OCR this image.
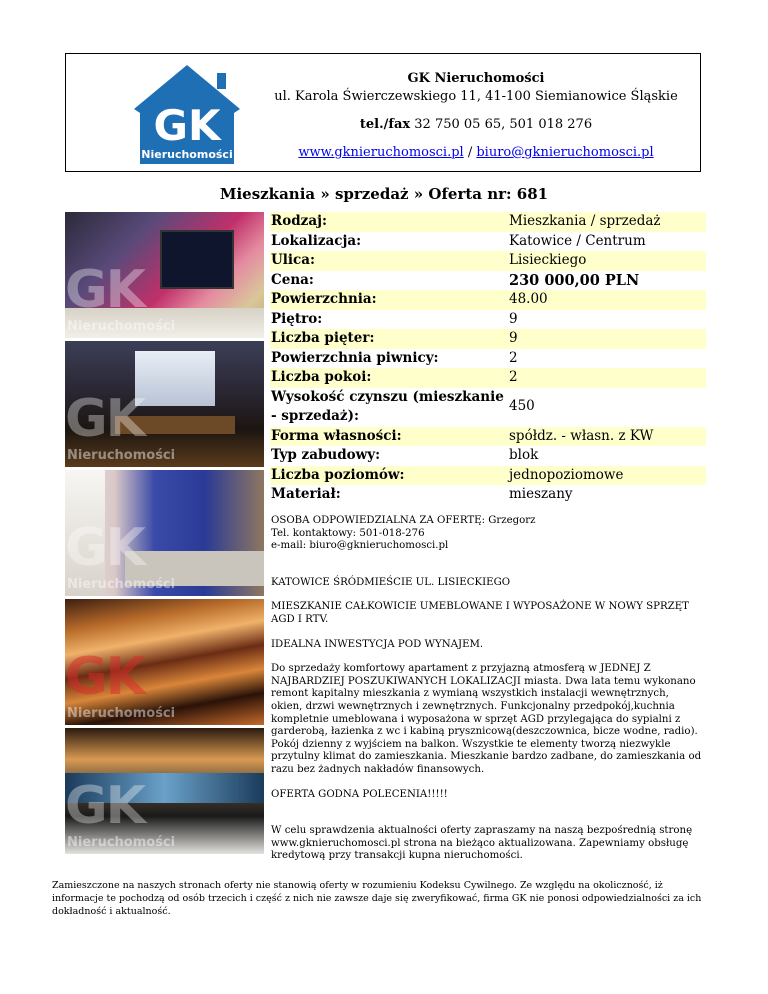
GK
Nieruchomości
GK Nieruchomości
ul. Karola Świerczewskiego 11, 41-100 Siemianowice Śląskie
tel./fax 32 750 05 65, 501 018 276
www.gknieruchomosci.pl / biuro@gknieruchomosci.pl
Mieszkania » sprzedaż » Oferta nr: 681
GK
Nieruchomości
GK
Nieruchomości
GK
Nieruchomości
GK
Nieruchomości
GK
Nieruchomości
Rodzaj:	Mieszkania / sprzedaż
Lokalizacja:	Katowice / Centrum
Ulica:	Lisieckiego
Cena:	230 000,00 PLN
Powierzchnia:	48.00
Piętro:	9
Liczba pięter:	9
Powierzchnia piwnicy:	2
Liczba pokoi:	2
Wysokość czynszu (mieszkanie - sprzedaż):	450
Forma własności:	spółdz. - własn. z KW
Typ zabudowy:	blok
Liczba poziomów:	jednopoziomowe
Materiał:	mieszany

OSOBA ODPOWIEDZIALNA ZA OFERTĘ: Grzegorz
Tel. kontaktowy: 501-018-276
e-mail: biuro@gknieruchomosci.pl

KATOWICE ŚRÓDMIEŚCIE UL. LISIECKIEGO

MIESZKANIE CAŁKOWICIE UMEBLOWANE I WYPOSAŻONE W NOWY SPRZĘT AGD I RTV.

IDEALNA INWESTYCJA POD WYNAJEM.

Do sprzedaży komfortowy apartament z przyjazną atmosferą w JEDNEJ Z NAJBARDZIEJ POSZUKIWANYCH LOKALIZACJI miasta. Dwa lata temu wykonano remont kapitalny mieszkania z wymianą wszystkich instalacji wewnętrznych, okien, drzwi wewnętrznych i zewnętrznych. Funkcjonalny przedpokój,kuchnia kompletnie umeblowana i wyposażona w sprzęt AGD przylegająca do sypialni z garderobą, łazienka z wc i kabiną prysznicową(deszczownica, bicze wodne, radio). Pokój dzienny z wyjściem na balkon. Wszystkie te elementy tworzą niezwykle przytulny klimat do zamieszkania. Mieszkanie bardzo zadbane, do zamieszkania od razu bez żadnych nakładów finansowych.

OFERTA GODNA POLECENIA!!!!!

W celu sprawdzenia aktualności oferty zapraszamy na naszą bezpośrednią stronę www.gknieruchomosci.pl strona na bieżąco aktualizowana. Zapewniamy obsługę kredytową przy transakcji kupna nieruchomości.

Zamieszczone na naszych stronach oferty nie stanowią oferty w rozumieniu Kodeksu Cywilnego. Ze względu na okoliczność, iż informacje te pochodzą od osób trzecich i część z nich nie zawsze daje się zweryfikować, firma GK nie ponosi odpowiedzialności za ich dokładność i aktualność.
